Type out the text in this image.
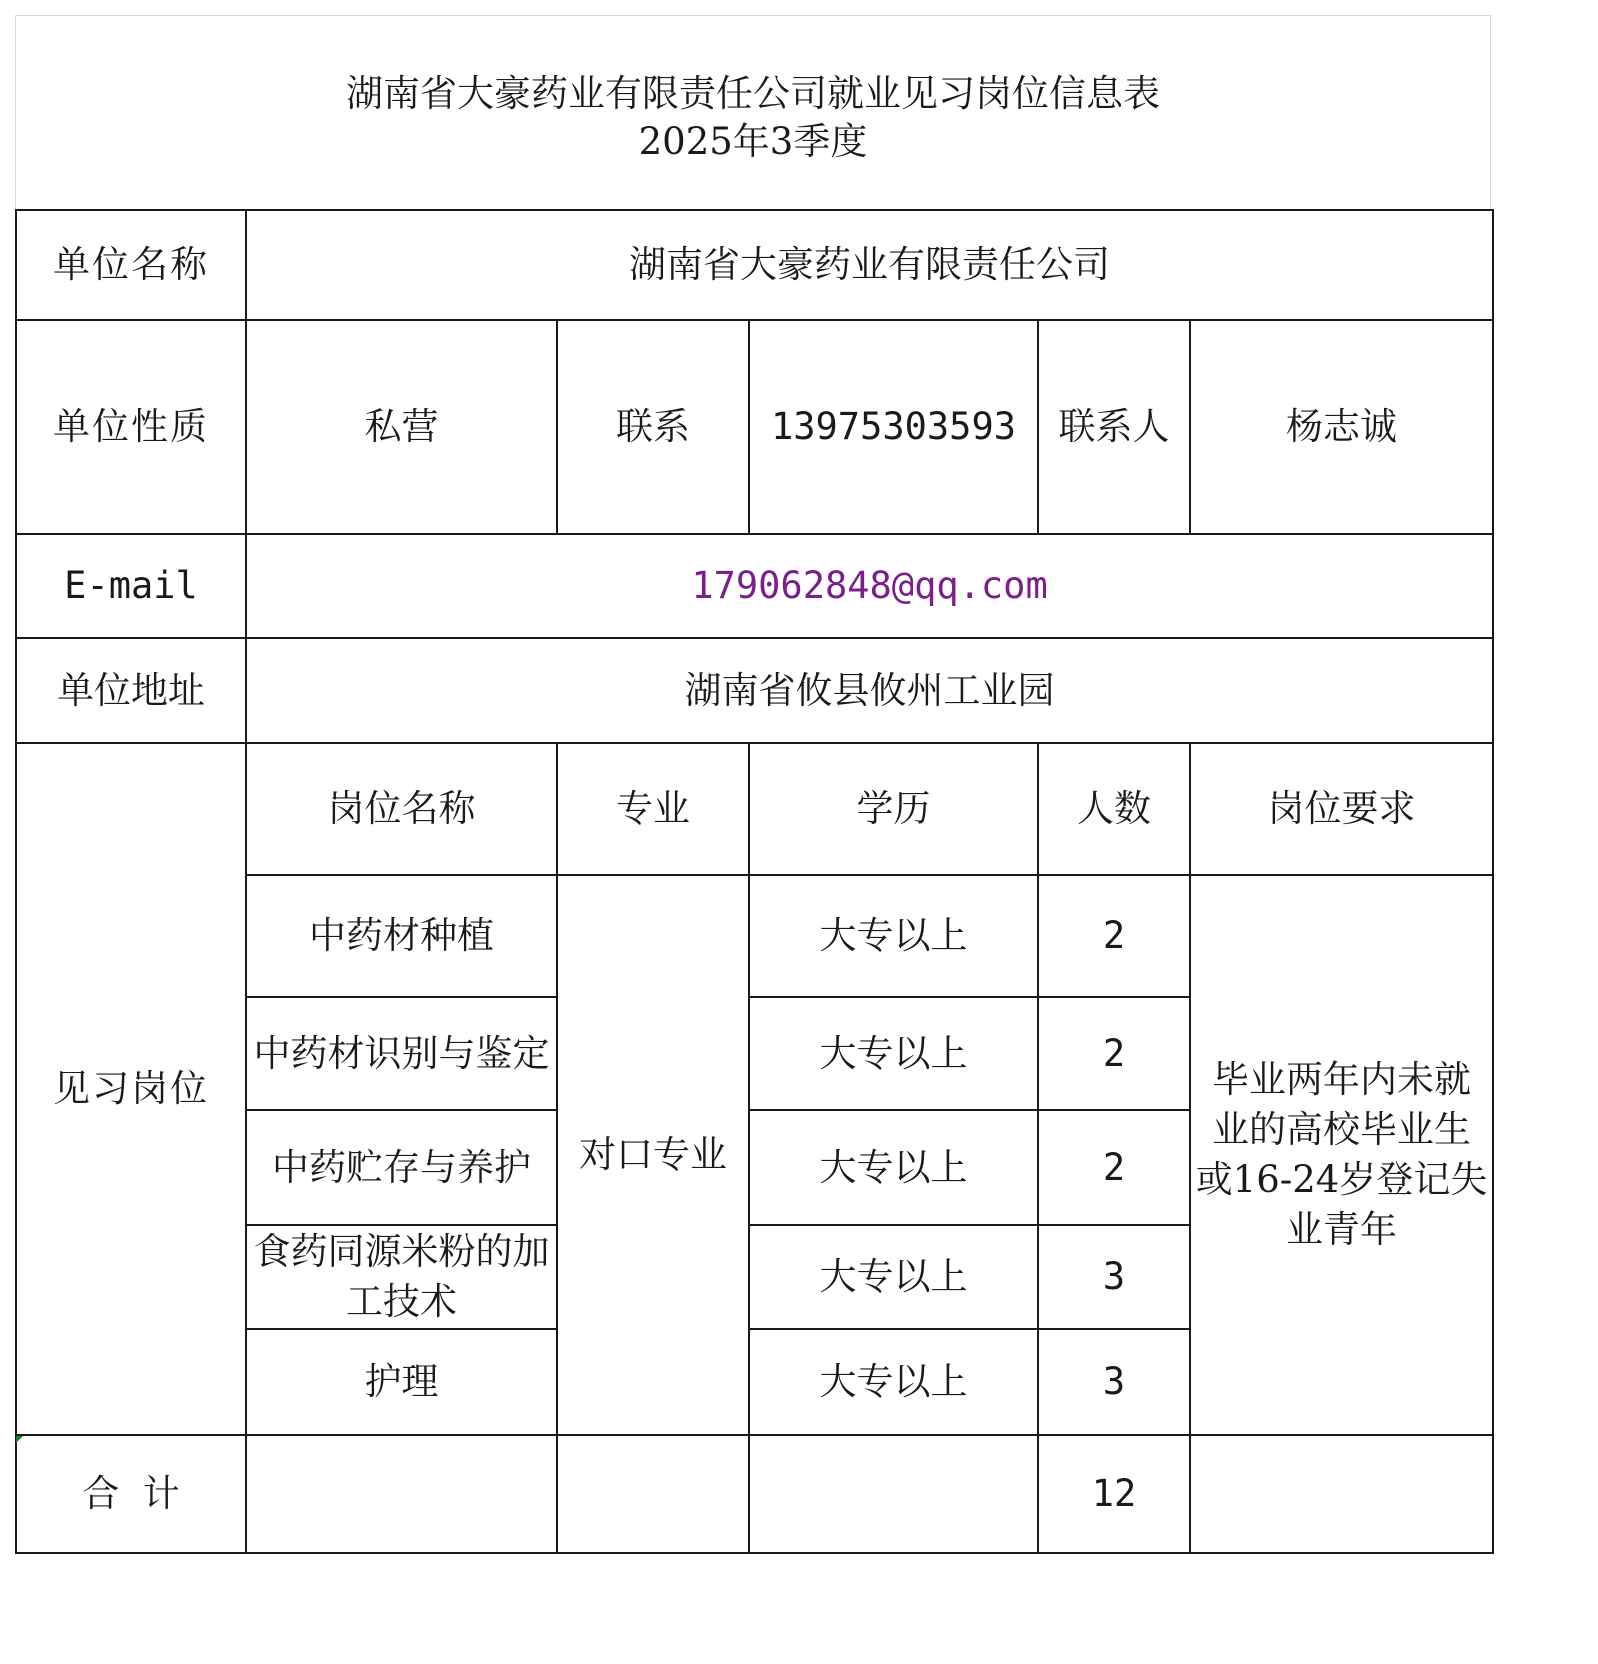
湖南省大豪药业有限责任公司就业见习岗位信息表
2025年3季度
单位名称	湖南省大豪药业有限责任公司				
单位性质	私营	联系	13975303593	联系人	杨志诚
E-mail	179062848@qq.com				
单位地址	湖南省攸县攸州工业园				
见习岗位	岗位名称	专业	学历	人数	岗位要求
	中药材种植	对口专业	大专以上	2	毕业两年内未就业的高校毕业生或16-24岁登记失业青年
	中药材识别与鉴定		大专以上	2	
	中药贮存与养护		大专以上	2	
	食药同源米粉的加工技术		大专以上	3	
	护理		大专以上	3	
合  计				12	
